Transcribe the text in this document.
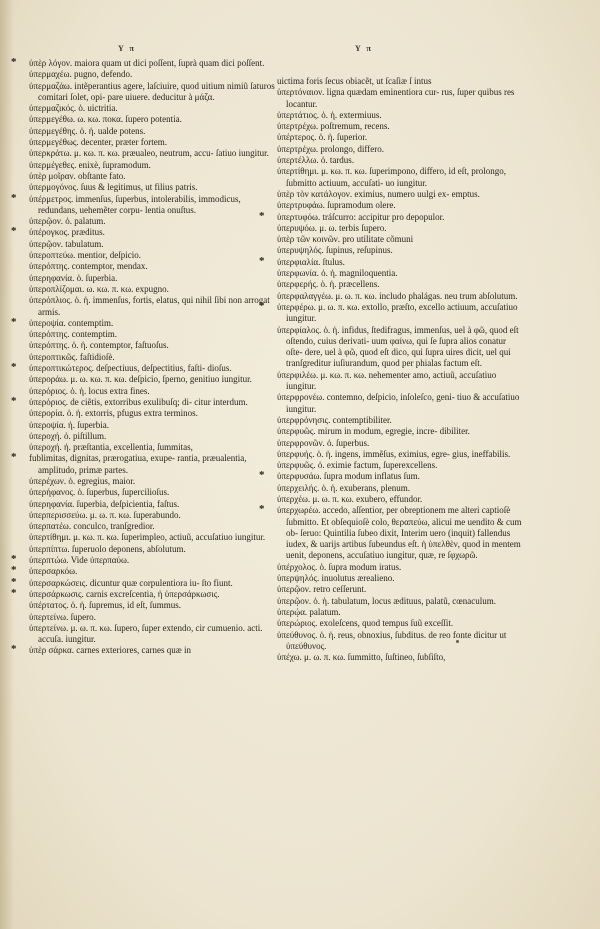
Y π	Y π

* ὑπὲρ λόγον. maiora quam ut dici poſſent, ſuprà quam dici poſſent.

ὑπερμαχέω. pugno, defendo.

ὑπερμαζάω. intẽperantius agere, laſciuire, quod uitium nimiũ ſaturos comitari ſolet, opi- pare uiuere. deducitur à μάζα.

ὑπερμαζικός. ὁ. uictritia.

ὑπερμεγέθω. ω. κω. ποκα. ſupero potentia.

ὑπερμεγέθης. ὁ. ἡ. ualde potens.

ὑπερμεγέθως. decenter, præter fortem.

ὑπερκράτω. μ. κω. π. κω. præualeo, neutrum, accu- ſatiuo iungitur.

ὑπερμέγεθες. enixè, ſupramodum.

ὑπὲρ μοῖραν. obſtante fato.

ὑπερμογόνος. ſuus & legitimus, ut filius patris.

* ὑπέρμετρος. immenſus, ſuperbus, intolerabilis, immodicus, redundans, uehemẽter corpu- lentia onuſtus.

ὑπερῷον. ὁ. palatum.

* ὑπέρογκος. præditus.

ὑπερῷον. tabulatum.

ὑπεροπτεύω. mentior, deſpicio.

ὑπερόπτης. contemptor, mendax.

ὑπερηφανία. ὁ. ſuperbia.

ὑπεροπλίζομαι. ω. κω. π. κω. expugno.

ὑπερόπλιος. ὁ. ἡ. immenſus, fortis, elatus, qui nihil ſibi non arrogat armis.

* ὑπεροψία. contemptim.

ὑπερόπτης. contemptim.

ὑπερόπτης. ὁ. ἡ. contemptor, faſtuoſus.

ὑπεροπτικῶς. faſtidioſè.

* ὑπεροπτικώτερος. deſpectiuus, deſpectitius, faſti- dioſus.

ὑπεροράω. μ. ω. κω. π. κω. deſpicio, ſperno, genitiuo iungitur.

ὑπερόριος. ὁ. ἡ. locus extra fines.

* ὑπερόριος. de ciẽtis, extorribus exulibuſq; di- citur interdum.

ὑπερορία. ὁ. ἡ. extorris, pfugus extra terminos.

ὑπεροψία. ἡ. ſuperbia.

ὑπεροχή. ὁ. piſtillum.

ὑπεροχή. ἡ. præſtantia, excellentia, ſummitas,

* fublimitas, dignitas, prærogatiua, exupe- rantia, præualentia, amplitudo, primæ partes.

ὑπερέχων. ὁ. egregius, maior.

ὑπερήφανος. ὁ. ſuperbus, ſupercilioſus.

ὑπερηφανία. ſuperbia, deſpicientia, faſtus.

ὑπερπερισσεύω. μ. ω. π. κω. ſuperabundo.

ὑπερπατέω. conculco, tranſgredior.

ὑπερτίθημι. μ. κω. π. κω. ſuperimpleo, actiuũ, accuſatiuo iungitur.

ὑπερπίπτω. ſuperuolo deponens, abſolutum.

* ὑπερπτώω. Vide ὑπερπαύω.

* ὑπερσαρκόω.

* ὑπερσαρκώσεις. dicuntur quæ corpulentiora iu- ſto fiunt.

* ὑπερσάρκωσις. carnis excreſcentia, ἡ ὑπερσάρκωσις.

ὑπέρτατος. ὁ. ἡ. ſupremus, id eſt, ſummus.

ὑπερτείνω. ſupero.

ὑπερτείνω. μ. ω. π. κω. ſupero, ſuper extendo, cir cumuenio. acti. accuſa. iungitur.

* ὑπὲρ σάρκα. carnes exteriores, carnes quæ in

uictima foris ſecus obiacẽt, ut ſcaſiæ ſ intus

ὑπερτόναιον. ligna quædam eminentiora cur- rus, ſuper quibus res locantur.

ὑπερτάτιος. ὁ. ἡ. extermiuus.

ὑπερτρέχω. poſtremum, recens.

ὑπέρτερος. ὁ. ἡ. ſuperior.

ὑπερτρέχω. prolongo, differo.

ὑπερτέλλω. ὁ. tardus.

ὑπερτίθημι. μ. κω. π. κω. ſuperimpono, differo, id eſt, prolongo, ſubmitto actiuum, accuſati- uo iungitur.

ὑπὲρ τὸν κατάλογον. eximius, numero uulgi ex- emptus.

ὑπερτρυφάω. ſupramodum olere.

* ὑπερτυφόω. tráſcurro: accipitur pro depopulor.

ὑπερυψόω. μ. ω. terbis ſupero.

ὑπὲρ τῶν κοινῶν. pro utilitate cõmuni

ὑπερυψηλός. ſupinus, reſupinus.

* ὑπερφιαλία. ſtulus.

ὑπερφωνία. ὁ. ἡ. magniloquentia.

ὑπερφερής. ὁ. ἡ. præcellens.

ὑπερφαλαγγέω. μ. ω. π. κω. includo phalágas. neu trum abſolutum.

* ὑπερφέρω. μ. ω. π. κω. extollo, præſto, excello actiuum, accuſatiuo iungitur.

ὑπερφίαλος. ὁ. ἡ. infidus, ſtedifragus, immenſus, uel à φῶ, quod eſt oſtendo, cuius derivati- uum φαίνω, qui ſe ſupra alios conatur oſte- dere, uel à φῶ, quod eſt dico, qui ſupra uires dicit, uel qui tranſgreditur iuſiurandum, quod per phialas factum eſt.

ὑπερφιλέω. μ. κω. π. κω. nehementer amo, actiuũ, accuſatiuo iungitur.

ὑπερφρονέω. contemno, deſpicio, inſoleſco, geni- tiuo & accuſatiuo iungitur.

ὑπερφρόνησις. contemptibiliter.

ὑπερφυῶς. mirum in modum, egregie, incre- dibiliter.

ὑπερφρονῶν. ὁ. ſuperbus.

ὑπερφυής. ὁ. ἡ. ingens, immẽſus, eximius, egre- gius, ineffabilis.

ὑπερφυῶς. ὁ. eximie factum, ſuperexcellens.

* ὑπερφυσάω. ſupra modum inflatus ſum.

ὑπερχειλής. ὁ. ἡ. exuberans, plenum.

ὑπερχέω. μ. ω. π. κω. exubero, effundor.

* ὑπερχωρέω. accedo, aſſentior, per obreptionem me alteri captioſè ſubmitto. Et obſequioſè colo, θεραπεύω, alicui me uendito & cum ob- ſeruo: Quintilia ſubeo dixit, Interim uero (inquit) fallendus iudex, & uarijs artibus ſubeundus eſt. ἡ ὑπελθὲν, quod in mentem uenit, deponens, accuſatiuo iungitur, quæ, re ſφχωρῶ.

ὑπέρχολος. ὁ. ſupra modum iratus.

ὑπερψηλός. inuolutus ærealieno.

ὑπερῷον. retro ceſſerunt.

ὑπερῷον. ὁ. ἡ. tabulatum, locus ædituus, palatũ, cœnaculum.

ὑπερῴα. palatum.

ὑπερώριος. exoleſcens, quod tempus ſuũ exceſſit.

ὑπεύθυνος. ὁ. ἡ. reus, obnoxius, ſubditus. de reo fonte dicitur ut ὑπεύθυνος.

ὑπέχω. μ. ω. π. κω. ſummitto, ſuſtineo, ſubſiſto,
